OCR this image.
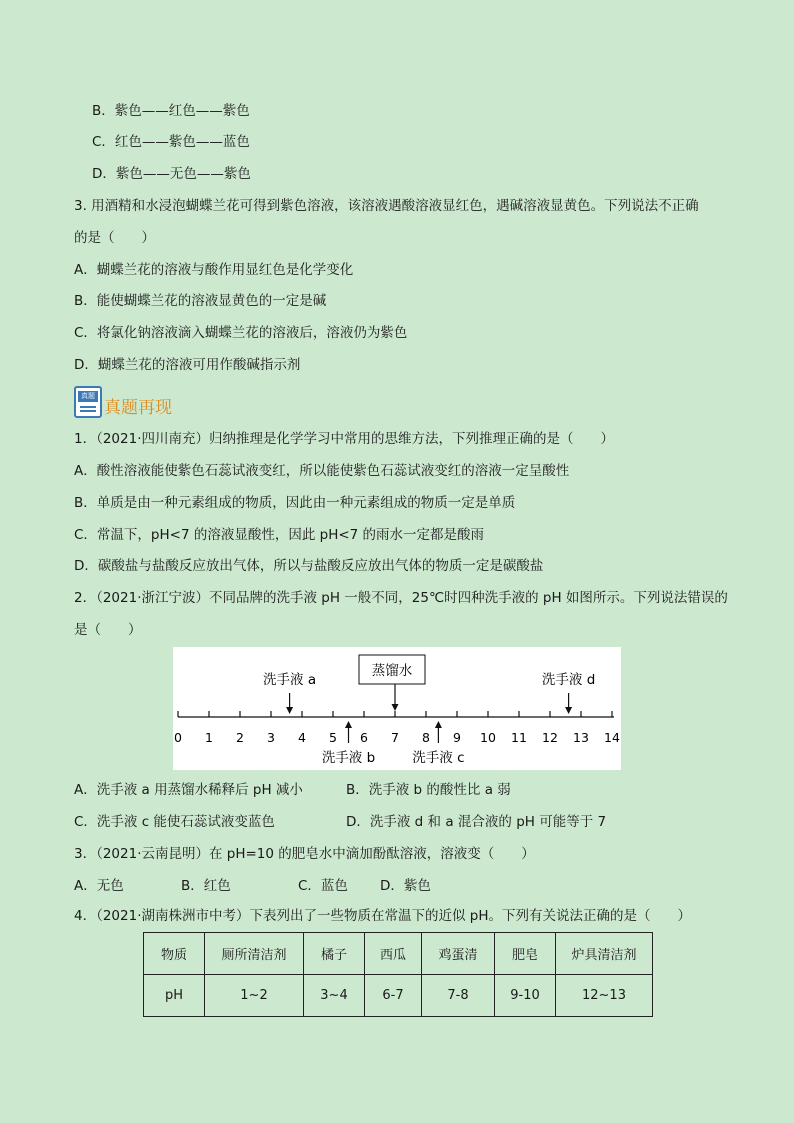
B．紫色——红色——紫色
C．红色——紫色——蓝色
D．紫色——无色——紫色
3. 用酒精和水浸泡蝴蝶兰花可得到紫色溶液，该溶液遇酸溶液显红色，遇碱溶液显黄色。下列说法不正确
的是（　　）
A．蝴蝶兰花的溶液与酸作用显红色是化学变化
B．能使蝴蝶兰花的溶液显黄色的一定是碱
C．将氯化钠溶液滴入蝴蝶兰花的溶液后，溶液仍为紫色
D．蝴蝶兰花的溶液可用作酸碱指示剂
真题
真题再现
1．（2021·四川南充）归纳推理是化学学习中常用的思维方法，下列推理正确的是（　　）
A．酸性溶液能使紫色石蕊试液变红，所以能使紫色石蕊试液变红的溶液一定呈酸性
B．单质是由一种元素组成的物质，因此由一种元素组成的物质一定是单质
C．常温下，pH<7 的溶液显酸性，因此 pH<7 的雨水一定都是酸雨
D．碳酸盐与盐酸反应放出气体，所以与盐酸反应放出气体的物质一定是碳酸盐
2．（2021·浙江宁波）不同品牌的洗手液 pH 一般不同，25℃时四种洗手液的 pH 如图所示。下列说法错误的
是（　　）
蒸馏水
0 1 2 3 4 5 6 7 8 9 10 11 12 13 14
洗手液 a
洗手液 b	洗手液 c
洗手液 d
A．洗手液 a 用蒸馏水稀释后 pH 减小	B．洗手液 b 的酸性比 a 弱
C．洗手液 c 能使石蕊试液变蓝色	D．洗手液 d 和 a 混合液的 pH 可能等于 7
3．（2021·云南昆明）在 pH=10 的肥皂水中滴加酚酞溶液，溶液变（　　）
A．无色	B．红色	C．蓝色 D．紫色
4．（2021·湖南株洲市中考）下表列出了一些物质在常温下的近似 pH。下列有关说法正确的是（　　）
物质	厕所清洁剂	橘子	西瓜	鸡蛋清	肥皂	炉具清洁剂
pH	1~2	3~4	6-7	7-8	9-10	12~13
